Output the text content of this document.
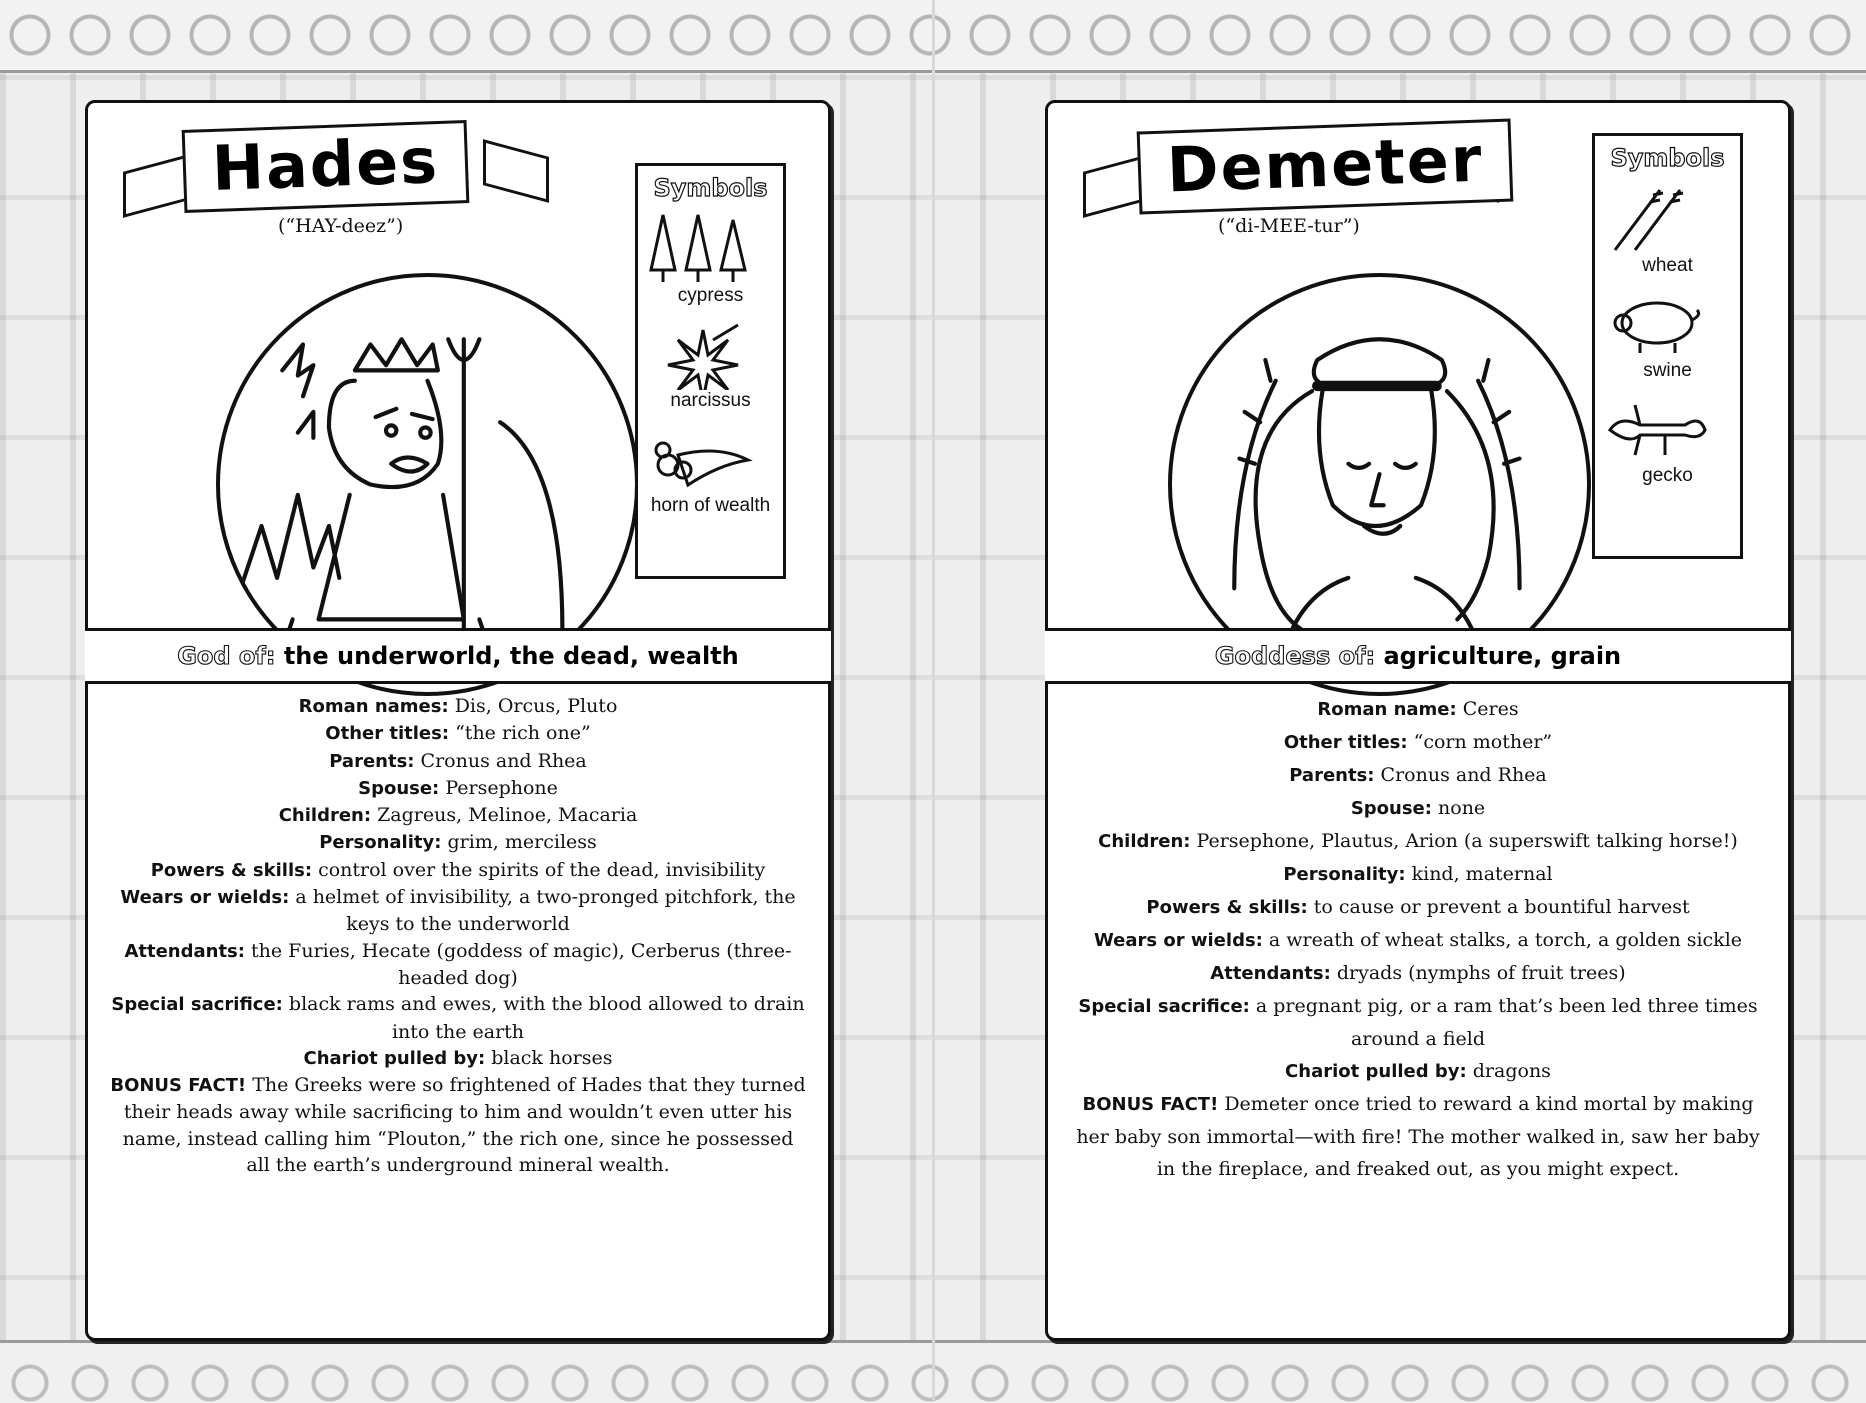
Hades
(“HAY-deez”)
Symbols
cypress
narcissus
horn of wealth
God of: the underworld, the dead, wealth

Roman names: Dis, Orcus, Pluto

Other titles: “the rich one”

Parents: Cronus and Rhea

Spouse: Persephone

Children: Zagreus, Melinoe, Macaria

Personality: grim, merciless

Powers & skills: control over the spirits of the dead, invisibility

Wears or wields: a helmet of invisibility, a two-pronged pitchfork, the keys to the underworld

Attendants: the Furies, Hecate (goddess of magic), Cerberus (three-headed dog)

Special sacrifice: black rams and ewes, with the blood allowed to drain into the earth

Chariot pulled by: black horses

BONUS FACT! The Greeks were so frightened of Hades that they turned their heads away while sacrificing to him and wouldn’t even utter his name, instead calling him “Plouton,” the rich one, since he possessed all the earth’s underground mineral wealth.

Demeter
(“di-MEE-tur”)
Symbols
wheat
swine
gecko
Goddess of: agriculture, grain

Roman name: Ceres

Other titles: “corn mother”

Parents: Cronus and Rhea

Spouse: none

Children: Persephone, Plautus, Arion (a superswift talking horse!)

Personality: kind, maternal

Powers & skills: to cause or prevent a bountiful harvest

Wears or wields: a wreath of wheat stalks, a torch, a golden sickle

Attendants: dryads (nymphs of fruit trees)

Special sacrifice: a pregnant pig, or a ram that’s been led three times around a field

Chariot pulled by: dragons

BONUS FACT! Demeter once tried to reward a kind mortal by making her baby son immortal—with fire! The mother walked in, saw her baby in the fireplace, and freaked out, as you might expect.
